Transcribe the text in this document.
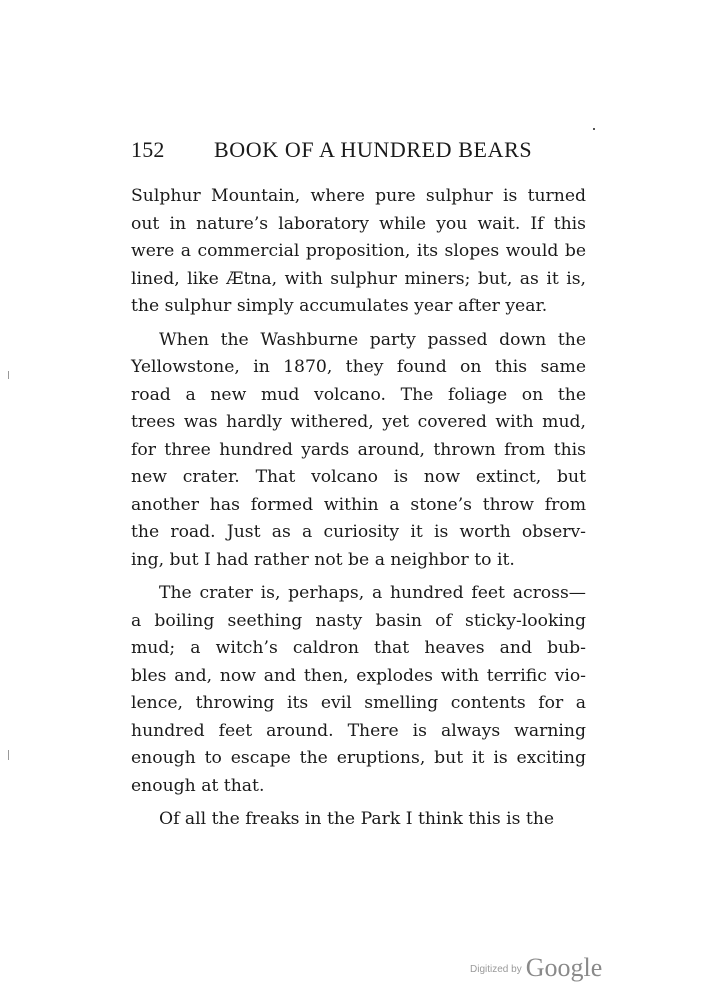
152 BOOK OF A HUNDRED BEARS

Sulphur Mountain, where pure sulphur is turned
out in nature’s laboratory while you wait. If this
were a commercial proposition, its slopes would be
lined, like Ætna, with sulphur miners; but, as it is,
the sulphur simply accumulates year after year.

When the Washburne party passed down the
Yellowstone, in 1870, they found on this same
road a new mud volcano. The foliage on the
trees was hardly withered, yet covered with mud,
for three hundred yards around, thrown from this
new crater. That volcano is now extinct, but
another has formed within a stone’s throw from
the road. Just as a curiosity it is worth observ-
ing, but I had rather not be a neighbor to it.

The crater is, perhaps, a hundred feet across—
a boiling seething nasty basin of sticky-looking
mud; a witch’s caldron that heaves and bub-
bles and, now and then, explodes with terrific vio-
lence, throwing its evil smelling contents for a
hundred feet around. There is always warning
enough to escape the eruptions, but it is exciting
enough at that.

Of all the freaks in the Park I think this is the

$^{Digitized by}$ Google
